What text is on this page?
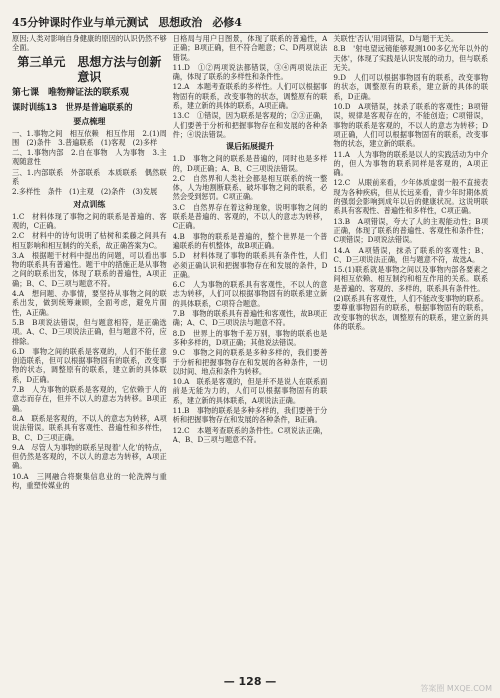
45分钟课时作业与单元测试 思想政治 必修4

原因;人类对影响自身健康的原因的认识仍然不够全面。

第三单元　思想方法与创新意识
第七课　唯物辩证法的联系观
课时训练13　世界是普遍联系的
要点梳理

一、1.事物之间　相互依赖　相互作用　2.(1)周围　(2)条件　3.普遍联系　(1)客观　(2)多样

二、1.事物内部　2.自在事物　人为事物　3.主观随意性

三、1.内部联系　外部联系　本质联系　偶然联系

2.多样性　条件　(1)主观　(2)条件　(3)发展

对点训练

1.C　材料体现了事物之间的联系是普遍的、客观的，C正确。

2.C　材料中的诗句说明了枯树和柔藤之间具有相互影响和相互制约的关系，故正确答案为C。

3.A　根据题干材料中提出的问题，可以看出事物的联系具有普遍性。题干中的措施正是从事物之间的联系出发，体现了联系的普遍性，A项正确；B、C、D三项与题意不符。

4.A　想问题、办事情，要坚持从事物之间的联系出发，做到统筹兼顾，全面考虑，避免片面性，A正确。

5.B　B项说法错误，但与题意相符，是正确选项。A、C、D三项说法正确，但与题意不符，应排除。

6.D　事物之间的联系是客观的，人们不能任意创造联系，但可以根据事物固有的联系，改变事物的状态，调整原有的联系，建立新的具体联系，D正确。

7.B　人为事物的联系是客观的，它依赖于人的意志而存在，但并不以人的意志为转移。B项正确。

8.A　联系是客观的，不以人的意志为转移，A项说法错误。联系具有客观性、普遍性和多样性，B、C、D三项正确。

9.A　尽管人为事物的联系呈现着'人化'的特点，但仍然是客观的，不以人的意志为转移，A项正确。

10.A　三网融合将聚集信息业的一轮洗牌与重构，重塑传媒业的

日格局与用户日图景，体现了联系的普遍性，A正确；B项正确，但不符合题意；C、D两项说法错误。

11.D　①②两项说法都错误，③④两项说法正确，体现了联系的多样性和条件性。

12.A　本题考查联系的多样性。人们可以根据事物固有的联系，改变事物的状态，调整原有的联系，建立新的具体的联系，A项正确。

13.C　①错误，因为联系是客观的；②③正确，人们要善于分析和把握事物存在和发展的各种条件；④说法错误。

课后拓展提升

1.D　事物之间的联系是普遍的，同时也是多样的，D项正确；A、B、C三项说法错误。

2.C　自然界和人类社会都是相互联系的统一整体，人为地割断联系、破坏事物之间的联系，必然会受到惩罚。C项正确。

3.C　自然界存在着这种现象，说明事物之间的联系是普遍的、客观的，不以人的意志为转移，C正确。

4.B　事物的联系是普遍的，整个世界是一个普遍联系的有机整体，故B项正确。

5.D　材料体现了事物的联系具有条件性，人们必须正确认识和把握事物存在和发展的条件，D正确。

6.C　人为事物的联系具有客观性，不以人的意志为转移，人们可以根据事物固有的联系建立新的具体联系，C项符合题意。

7.B　事物的联系具有普遍性和客观性，故B项正确；A、C、D三项说法与题意不符。

8.D　世界上的事物千差万别，事物的联系也是多种多样的，D项正确；其他说法错误。

9.C　事物之间的联系是多种多样的，我们要善于分析和把握事物存在和发展的各种条件，一切以时间、地点和条件为转移。

10.A　联系是客观的，但是并不是说人在联系面前是无能为力的，人们可以根据事物固有的联系，建立新的具体联系，A项说法正确。

11.B　事物的联系是多种多样的，我们要善于分析和把握事物存在和发展的各种条件，B正确。

12.C　本题考查联系的条件性。C项说法正确，A、B、D三项与题意不符。

关联性'否认'用词错误，D与题干无关。

8.B　'射电望远镜能够观测100多亿光年以外的天体'，体现了实践是认识发展的动力，但与联系无关。

9.D　人们可以根据事物固有的联系，改变事物的状态，调整原有的联系，建立新的具体的联系，D正确。

10.D　A项错误，抹杀了联系的客观性；B项错误，规律是客观存在的，不能创造；C项错误，事物的联系是客观的，不以人的意志为转移；D项正确，人们可以根据事物固有的联系，改变事物的状态，建立新的联系。

11.A　人为事物的联系是以人的实践活动为中介的，但人为事物的联系同样是客观的，A项正确。

12.C　从眼前来看，少年体质虚弱一般不直接表现为各种疾病，但从长远来看，青少年时期体质的强弱会影响到成年以后的健康状况。这说明联系具有客观性、普遍性和多样性，C项正确。

13.B　A项错误，夸大了人的主观能动性；B项正确，体现了联系的普遍性、客观性和条件性；C项错误；D项说法错误。

14.A　A项错误，抹杀了联系的客观性；B、C、D三项说法正确，但与题意不符，故选A。

15.(1)联系就是事物之间以及事物内部各要素之间相互依赖、相互制约和相互作用的关系。联系是普遍的、客观的、多样的，联系具有条件性。

(2)联系具有客观性，人们不能改变事物的联系。要尊重事物固有的联系，根据事物固有的联系，改变事物的状态，调整原有的联系，建立新的具体的联系。

— 128 —
答案圈 MXQE.COM
